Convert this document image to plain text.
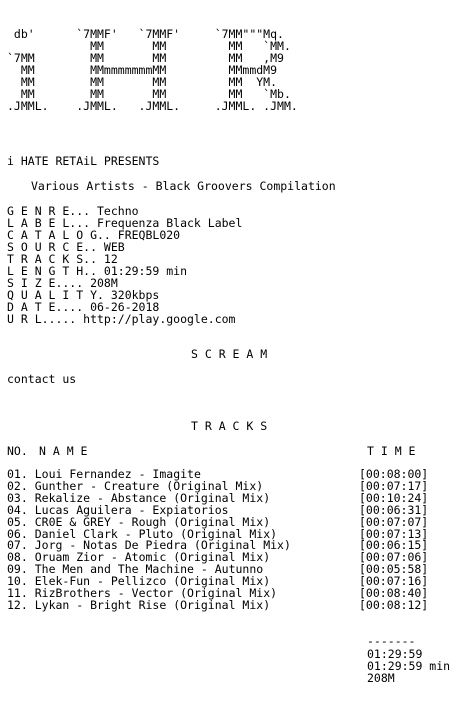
db'      `7MMF'   `7MMF'     `7MM"""Mq.
MM       MM         MM   `MM.
`7MM        MM       MM         MM   ,M9
MM        MMmmmmmmmMM         MMmmdM9
MM        MM       MM         MM  YM.
MM        MM       MM         MM   `Mb.
.JMML.    .JMML.   .JMML.     .JMML. .JMM.
i HATE RETAiL PRESENTS
Various Artists - Black Groovers Compilation
G E N R E... Techno
L A B E L... Frequenza Black Label
C A T A L O G.. FREQBL020
S O U R C E.. WEB
T R A C K S.. 12
L E N G T H.. 01:29:59 min
S I Z E.... 208M
Q U A L I T Y. 320kbps
D A T E.... 06-26-2018
U R L..... http://play.google.com
S C R E A M
contact us
T R A C K S
NO. N A M E	T I M E
01. Loui Fernandez - Imagite	[00:08:00]
02. Gunther - Creature (Original Mix)	[00:07:17]
03. Rekalize - Abstance (Original Mix)	[00:10:24]
04. Lucas Aguilera - Expiatorios	[00:06:31]
05. CR0E & GREY - Rough (Original Mix)	[00:07:07]
06. Daniel Clark - Pluto (Original Mix)	[00:07:13]
07. Jorg - Notas De Piedra (Original Mix)	[00:06:15]
08. Oruam Zior - Atomic (Original Mix)	[00:07:06]
09. The Men and The Machine - Autunno	[00:05:58]
10. Elek-Fun - Pellizco (Original Mix)	[00:07:16]
11. RizBrothers - Vector (Original Mix)	[00:08:40]
12. Lykan - Bright Rise (Original Mix)	[00:08:12]
-------
01:29:59
01:29:59 min
208M
